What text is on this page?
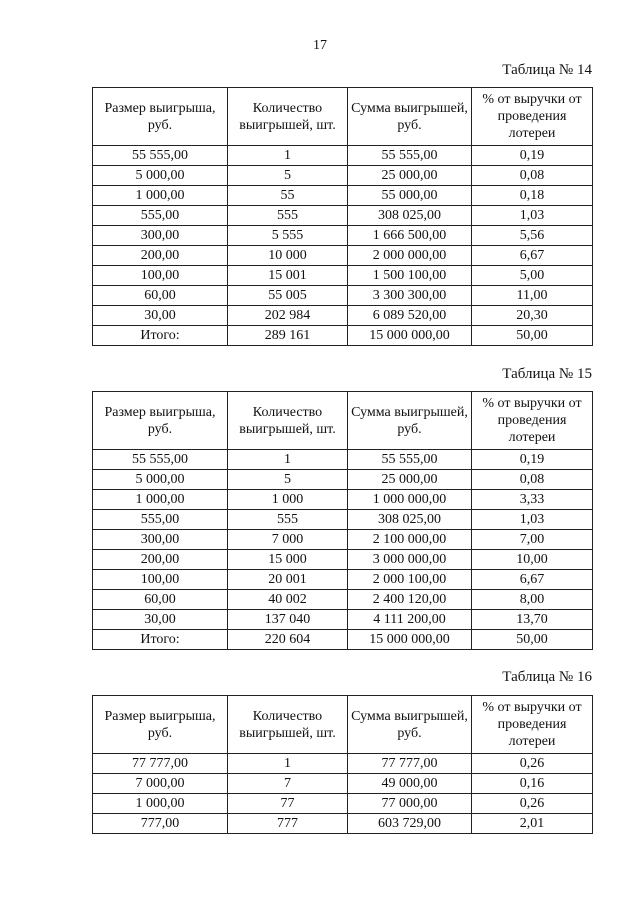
17
Таблица № 14
Размер выигрыша, руб.	Количество выигрышей, шт.	Сумма выигрышей, руб.	% от выручки от проведения лотереи
55 555,00	1	55 555,00	0,19
5 000,00	5	25 000,00	0,08
1 000,00	55	55 000,00	0,18
555,00	555	308 025,00	1,03
300,00	5 555	1 666 500,00	5,56
200,00	10 000	2 000 000,00	6,67
100,00	15 001	1 500 100,00	5,00
60,00	55 005	3 300 300,00	11,00
30,00	202 984	6 089 520,00	20,30
Итого:	289 161	15 000 000,00	50,00
Таблица № 15
Размер выигрыша, руб.	Количество выигрышей, шт.	Сумма выигрышей, руб.	% от выручки от проведения лотереи
55 555,00	1	55 555,00	0,19
5 000,00	5	25 000,00	0,08
1 000,00	1 000	1 000 000,00	3,33
555,00	555	308 025,00	1,03
300,00	7 000	2 100 000,00	7,00
200,00	15 000	3 000 000,00	10,00
100,00	20 001	2 000 100,00	6,67
60,00	40 002	2 400 120,00	8,00
30,00	137 040	4 111 200,00	13,70
Итого:	220 604	15 000 000,00	50,00
Таблица № 16
Размер выигрыша, руб.	Количество выигрышей, шт.	Сумма выигрышей, руб.	% от выручки от проведения лотереи
77 777,00	1	77 777,00	0,26
7 000,00	7	49 000,00	0,16
1 000,00	77	77 000,00	0,26
777,00	777	603 729,00	2,01
